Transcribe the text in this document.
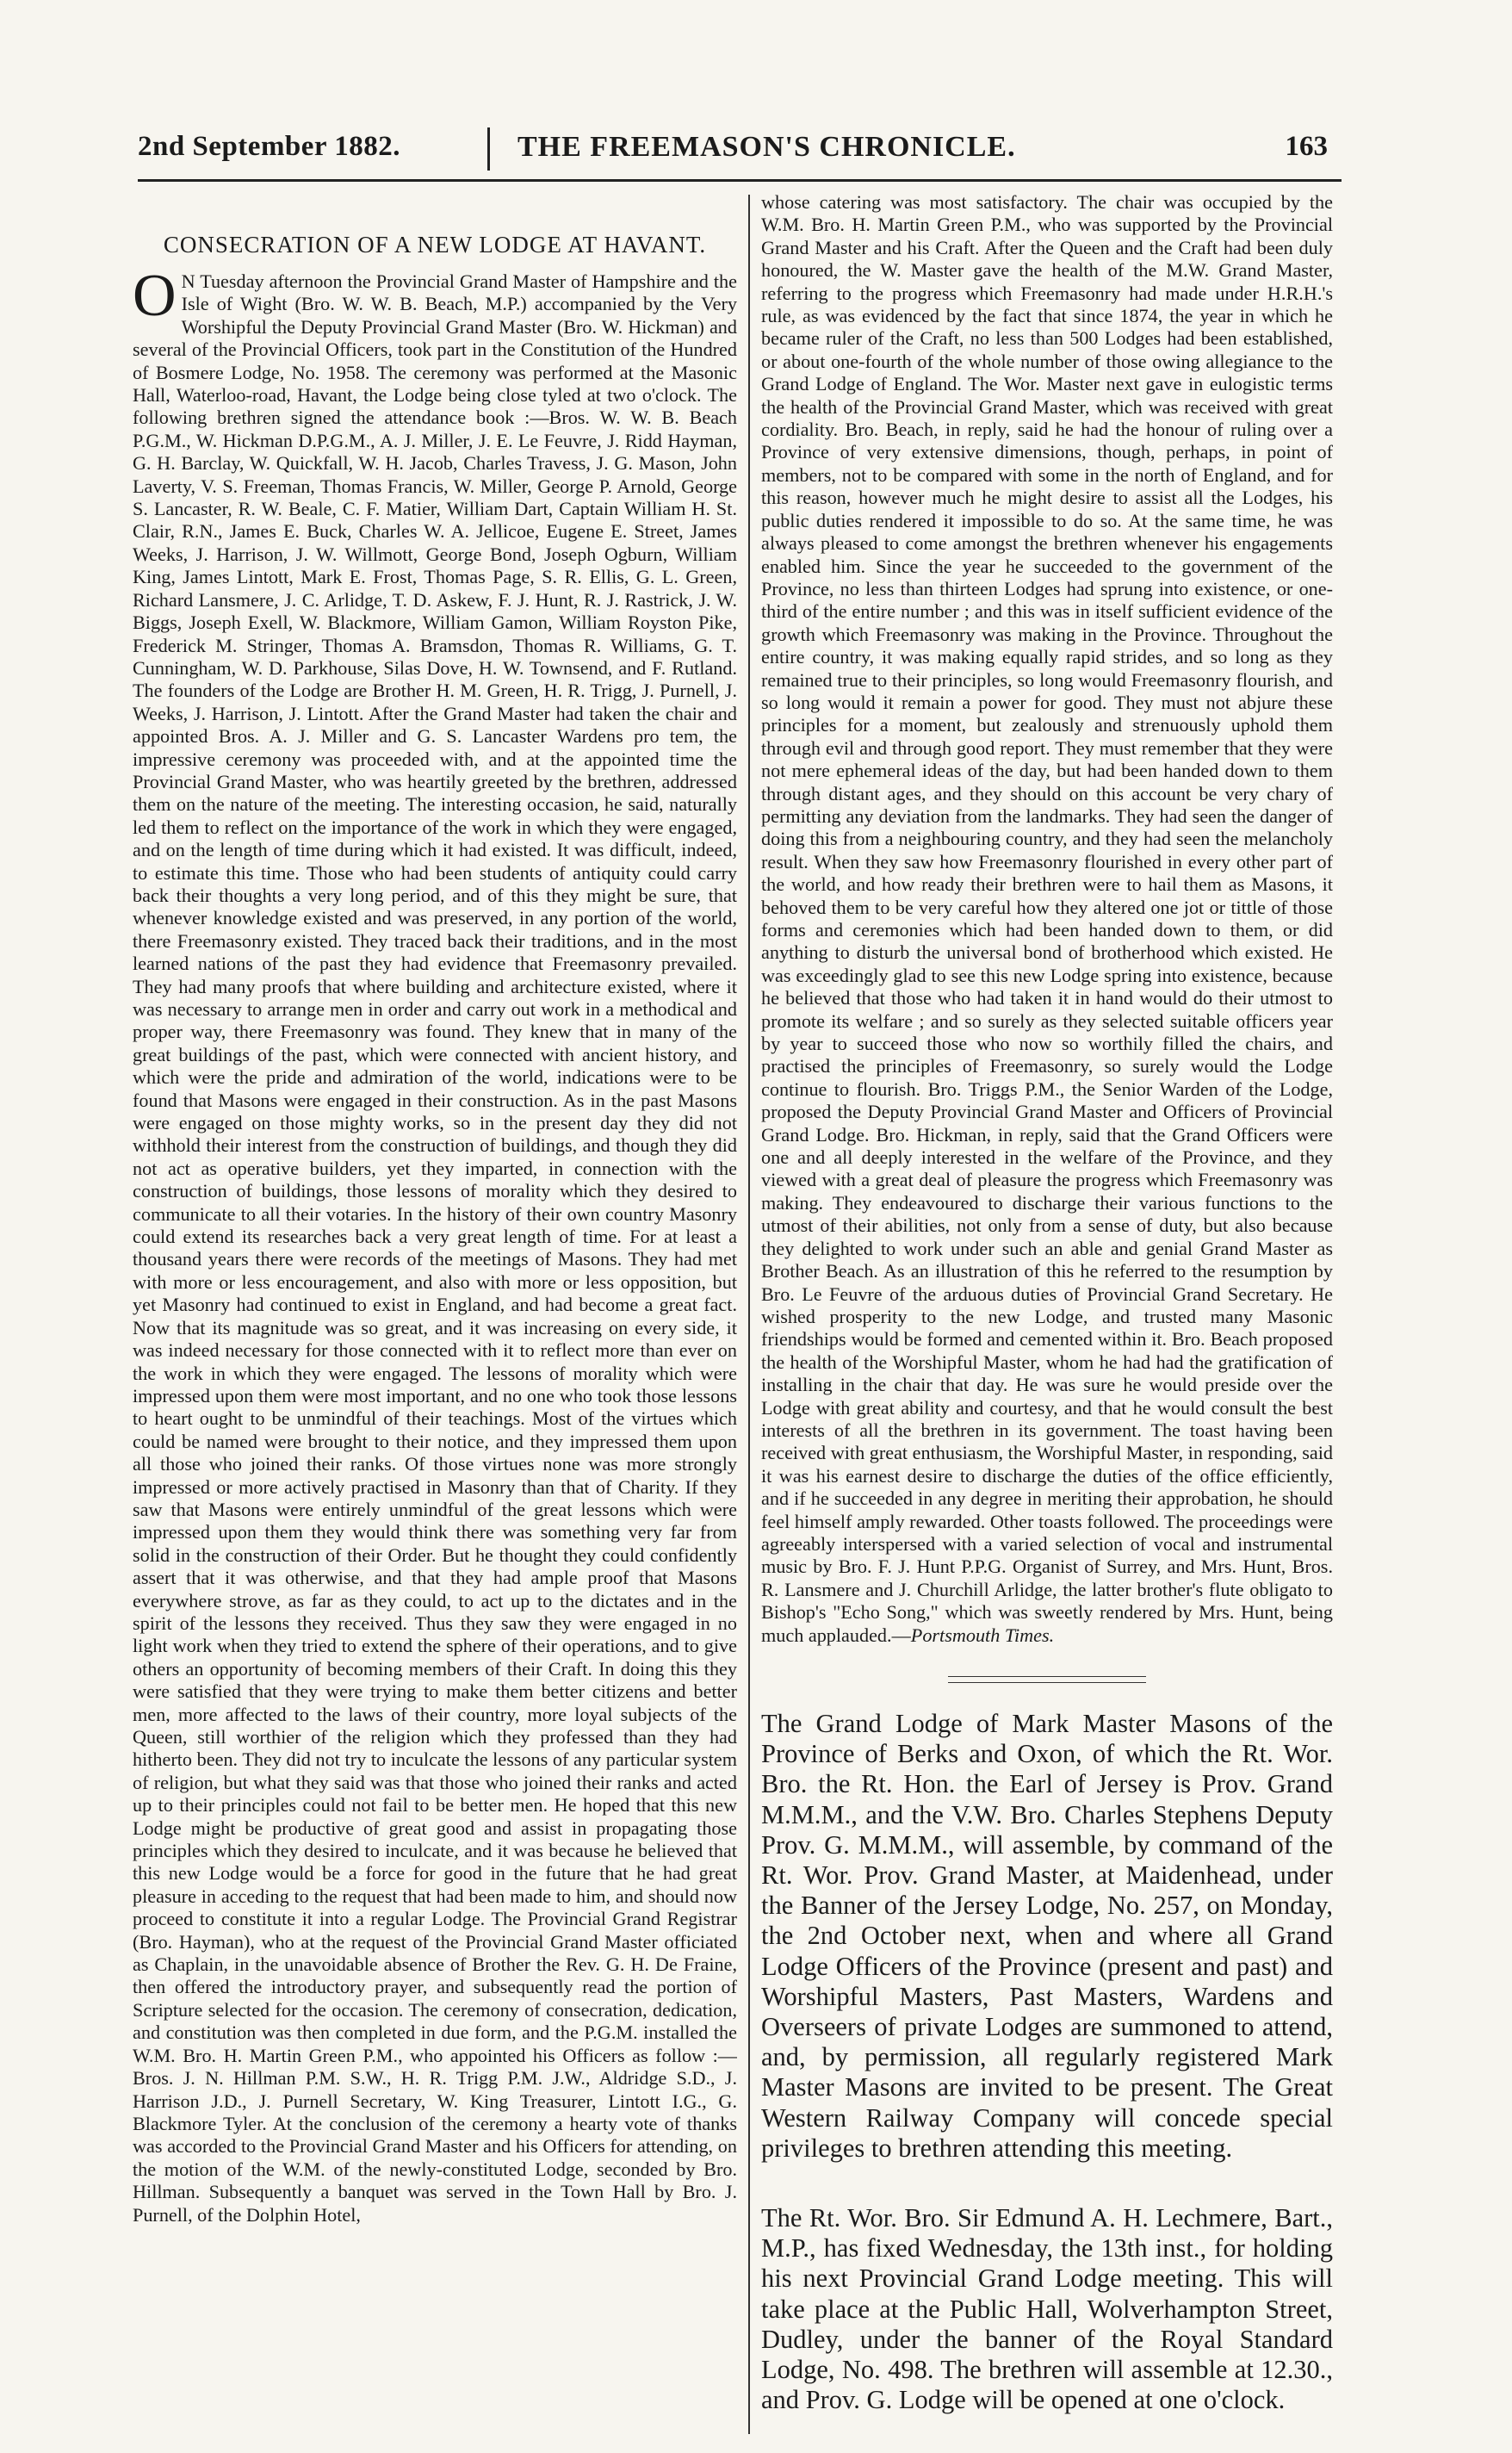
2nd September 1882.	THE FREEMASON'S CHRONICLE.	163
CONSECRATION OF A NEW LODGE AT HAVANT.

O N Tuesday afternoon the Provincial Grand Master of Hampshire and the Isle of Wight (Bro. W. W. B. Beach, M.P.) accompanied by the Very Worshipful the Deputy Provincial Grand Master (Bro. W. Hickman) and several of the Provincial Officers, took part in the Constitution of the Hundred of Bosmere Lodge, No. 1958. The ceremony was performed at the Masonic Hall, Waterloo-road, Havant, the Lodge being close tyled at two o'clock. The following brethren signed the attendance book :—Bros. W. W. B. Beach P.G.M., W. Hickman D.P.G.M., A. J. Miller, J. E. Le Feuvre, J. Ridd Hayman, G. H. Barclay, W. Quickfall, W. H. Jacob, Charles Travess, J. G. Mason, John Laverty, V. S. Freeman, Thomas Francis, W. Miller, George P. Arnold, George S. Lancaster, R. W. Beale, C. F. Matier, William Dart, Captain William H. St. Clair, R.N., James E. Buck, Charles W. A. Jellicoe, Eugene E. Street, James Weeks, J. Harrison, J. W. Willmott, George Bond, Joseph Ogburn, William King, James Lintott, Mark E. Frost, Thomas Page, S. R. Ellis, G. L. Green, Richard Lansmere, J. C. Arlidge, T. D. Askew, F. J. Hunt, R. J. Rastrick, J. W. Biggs, Joseph Exell, W. Blackmore, William Gamon, William Royston Pike, Frederick M. Stringer, Thomas A. Bramsdon, Thomas R. Williams, G. T. Cunningham, W. D. Parkhouse, Silas Dove, H. W. Townsend, and F. Rutland. The founders of the Lodge are Brother H. M. Green, H. R. Trigg, J. Purnell, J. Weeks, J. Harrison, J. Lintott. After the Grand Master had taken the chair and appointed Bros. A. J. Miller and G. S. Lancaster Wardens pro tem, the impressive ceremony was proceeded with, and at the appointed time the Provincial Grand Master, who was heartily greeted by the brethren, addressed them on the nature of the meeting. The interesting occasion, he said, naturally led them to reflect on the importance of the work in which they were engaged, and on the length of time during which it had existed. It was difficult, indeed, to estimate this time. Those who had been students of antiquity could carry back their thoughts a very long period, and of this they might be sure, that whenever knowledge existed and was preserved, in any portion of the world, there Freemasonry existed. They traced back their traditions, and in the most learned nations of the past they had evidence that Freemasonry prevailed. They had many proofs that where building and architecture existed, where it was necessary to arrange men in order and carry out work in a methodical and proper way, there Freemasonry was found. They knew that in many of the great buildings of the past, which were connected with ancient history, and which were the pride and admiration of the world, indications were to be found that Masons were engaged in their construction. As in the past Masons were engaged on those mighty works, so in the present day they did not withhold their interest from the construction of buildings, and though they did not act as operative builders, yet they imparted, in connection with the construction of buildings, those lessons of morality which they desired to communicate to all their votaries. In the history of their own country Masonry could extend its researches back a very great length of time. For at least a thousand years there were records of the meetings of Masons. They had met with more or less encouragement, and also with more or less opposition, but yet Masonry had continued to exist in England, and had become a great fact. Now that its magnitude was so great, and it was increasing on every side, it was indeed necessary for those connected with it to reflect more than ever on the work in which they were engaged. The lessons of morality which were impressed upon them were most important, and no one who took those lessons to heart ought to be unmindful of their teachings. Most of the virtues which could be named were brought to their notice, and they impressed them upon all those who joined their ranks. Of those virtues none was more strongly impressed or more actively practised in Masonry than that of Charity. If they saw that Masons were entirely unmindful of the great lessons which were impressed upon them they would think there was something very far from solid in the construction of their Order. But he thought they could confidently assert that it was otherwise, and that they had ample proof that Masons everywhere strove, as far as they could, to act up to the dictates and in the spirit of the lessons they received. Thus they saw they were engaged in no light work when they tried to extend the sphere of their operations, and to give others an opportunity of becoming members of their Craft. In doing this they were satisfied that they were trying to make them better citizens and better men, more affected to the laws of their country, more loyal subjects of the Queen, still worthier of the religion which they professed than they had hitherto been. They did not try to inculcate the lessons of any particular system of religion, but what they said was that those who joined their ranks and acted up to their principles could not fail to be better men. He hoped that this new Lodge might be productive of great good and assist in propagating those principles which they desired to inculcate, and it was because he believed that this new Lodge would be a force for good in the future that he had great pleasure in acceding to the request that had been made to him, and should now proceed to constitute it into a regular Lodge. The Provincial Grand Registrar (Bro. Hayman), who at the request of the Provincial Grand Master officiated as Chaplain, in the unavoidable absence of Brother the Rev. G. H. De Fraine, then offered the introductory prayer, and subsequently read the portion of Scripture selected for the occasion. The ceremony of consecration, dedication, and constitution was then completed in due form, and the P.G.M. installed the W.M. Bro. H. Martin Green P.M., who appointed his Officers as follow :—Bros. J. N. Hillman P.M. S.W., H. R. Trigg P.M. J.W., Aldridge S.D., J. Harrison J.D., J. Purnell Secretary, W. King Treasurer, Lintott I.G., G. Blackmore Tyler. At the conclusion of the ceremony a hearty vote of thanks was accorded to the Provincial Grand Master and his Officers for attending, on the motion of the W.M. of the newly-constituted Lodge, seconded by Bro. Hillman. Subsequently a banquet was served in the Town Hall by Bro. J. Purnell, of the Dolphin Hotel,

whose catering was most satisfactory. The chair was occupied by the W.M. Bro. H. Martin Green P.M., who was supported by the Provincial Grand Master and his Craft. After the Queen and the Craft had been duly honoured, the W. Master gave the health of the M.W. Grand Master, referring to the progress which Freemasonry had made under H.R.H.'s rule, as was evidenced by the fact that since 1874, the year in which he became ruler of the Craft, no less than 500 Lodges had been established, or about one-fourth of the whole number of those owing allegiance to the Grand Lodge of England. The Wor. Master next gave in eulogistic terms the health of the Provincial Grand Master, which was received with great cordiality. Bro. Beach, in reply, said he had the honour of ruling over a Province of very extensive dimensions, though, perhaps, in point of members, not to be compared with some in the north of England, and for this reason, however much he might desire to assist all the Lodges, his public duties rendered it impossible to do so. At the same time, he was always pleased to come amongst the brethren whenever his engagements enabled him. Since the year he succeeded to the government of the Province, no less than thirteen Lodges had sprung into existence, or one-third of the entire number ; and this was in itself sufficient evidence of the growth which Freemasonry was making in the Province. Throughout the entire country, it was making equally rapid strides, and so long as they remained true to their principles, so long would Freemasonry flourish, and so long would it remain a power for good. They must not abjure these principles for a moment, but zealously and strenuously uphold them through evil and through good report. They must remember that they were not mere ephemeral ideas of the day, but had been handed down to them through distant ages, and they should on this account be very chary of permitting any deviation from the landmarks. They had seen the danger of doing this from a neighbouring country, and they had seen the melancholy result. When they saw how Freemasonry flourished in every other part of the world, and how ready their brethren were to hail them as Masons, it behoved them to be very careful how they altered one jot or tittle of those forms and ceremonies which had been handed down to them, or did anything to disturb the universal bond of brotherhood which existed. He was exceedingly glad to see this new Lodge spring into existence, because he believed that those who had taken it in hand would do their utmost to promote its welfare ; and so surely as they selected suitable officers year by year to succeed those who now so worthily filled the chairs, and practised the principles of Freemasonry, so surely would the Lodge continue to flourish. Bro. Triggs P.M., the Senior Warden of the Lodge, proposed the Deputy Provincial Grand Master and Officers of Provincial Grand Lodge. Bro. Hickman, in reply, said that the Grand Officers were one and all deeply interested in the welfare of the Province, and they viewed with a great deal of pleasure the progress which Freemasonry was making. They endeavoured to discharge their various functions to the utmost of their abilities, not only from a sense of duty, but also because they delighted to work under such an able and genial Grand Master as Brother Beach. As an illustration of this he referred to the resumption by Bro. Le Feuvre of the arduous duties of Provincial Grand Secretary. He wished prosperity to the new Lodge, and trusted many Masonic friendships would be formed and cemented within it. Bro. Beach proposed the health of the Worshipful Master, whom he had had the gratification of installing in the chair that day. He was sure he would preside over the Lodge with great ability and courtesy, and that he would consult the best interests of all the brethren in its government. The toast having been received with great enthusiasm, the Worshipful Master, in responding, said it was his earnest desire to discharge the duties of the office efficiently, and if he succeeded in any degree in meriting their approbation, he should feel himself amply rewarded. Other toasts followed. The proceedings were agreeably interspersed with a varied selection of vocal and instrumental music by Bro. F. J. Hunt P.P.G. Organist of Surrey, and Mrs. Hunt, Bros. R. Lansmere and J. Churchill Arlidge, the latter brother's flute obligato to Bishop's "Echo Song," which was sweetly rendered by Mrs. Hunt, being much applauded.—Portsmouth Times.

The Grand Lodge of Mark Master Masons of the Province of Berks and Oxon, of which the Rt. Wor. Bro. the Rt. Hon. the Earl of Jersey is Prov. Grand M.M.M., and the V.W. Bro. Charles Stephens Deputy Prov. G. M.M.M., will assemble, by command of the Rt. Wor. Prov. Grand Master, at Maidenhead, under the Banner of the Jersey Lodge, No. 257, on Monday, the 2nd October next, when and where all Grand Lodge Officers of the Province (present and past) and Worshipful Masters, Past Masters, Wardens and Overseers of private Lodges are summoned to attend, and, by permission, all regularly registered Mark Master Masons are invited to be present. The Great Western Railway Company will concede special privileges to brethren attending this meeting.

The Rt. Wor. Bro. Sir Edmund A. H. Lechmere, Bart., M.P., has fixed Wednesday, the 13th inst., for holding his next Provincial Grand Lodge meeting. This will take place at the Public Hall, Wolverhampton Street, Dudley, under the banner of the Royal Standard Lodge, No. 498. The brethren will assemble at 12.30., and Prov. G. Lodge will be opened at one o'clock.
